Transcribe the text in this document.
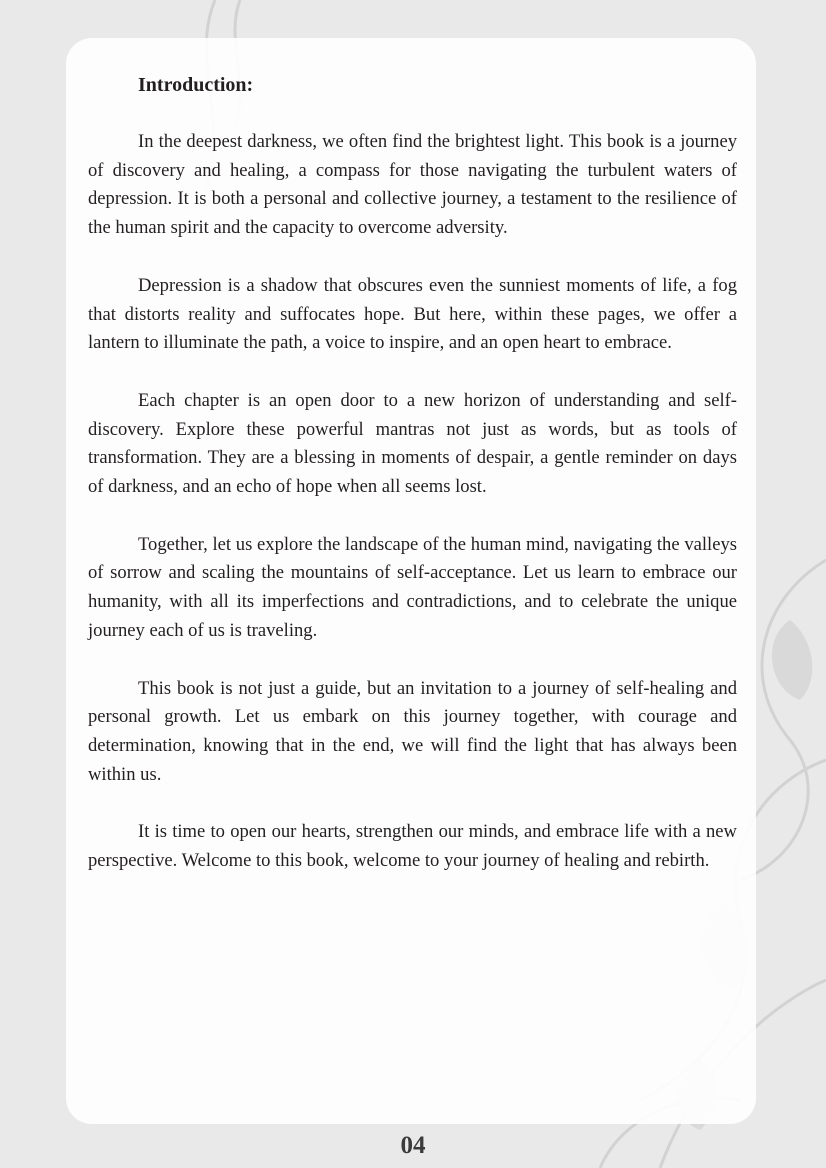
Introduction:

In the deepest darkness, we often find the brightest light. This book is a journey of discovery and healing, a compass for those navigating the turbulent waters of depression. It is both a personal and collective journey, a testament to the resilience of the human spirit and the capacity to overcome adversity.

Depression is a shadow that obscures even the sunniest moments of life, a fog that distorts reality and suffocates hope. But here, within these pages, we offer a lantern to illuminate the path, a voice to inspire, and an open heart to embrace.

Each chapter is an open door to a new horizon of understanding and self-discovery. Explore these powerful mantras not just as words, but as tools of transformation. They are a blessing in moments of despair, a gentle reminder on days of darkness, and an echo of hope when all seems lost.

Together, let us explore the landscape of the human mind, navigating the valleys of sorrow and scaling the mountains of self-acceptance. Let us learn to embrace our humanity, with all its imperfections and contradictions, and to celebrate the unique journey each of us is traveling.

This book is not just a guide, but an invitation to a journey of self-healing and personal growth. Let us embark on this journey together, with courage and determination, knowing that in the end, we will find the light that has always been within us.

It is time to open our hearts, strengthen our minds, and embrace life with a new perspective. Welcome to this book, welcome to your journey of healing and rebirth.

04
